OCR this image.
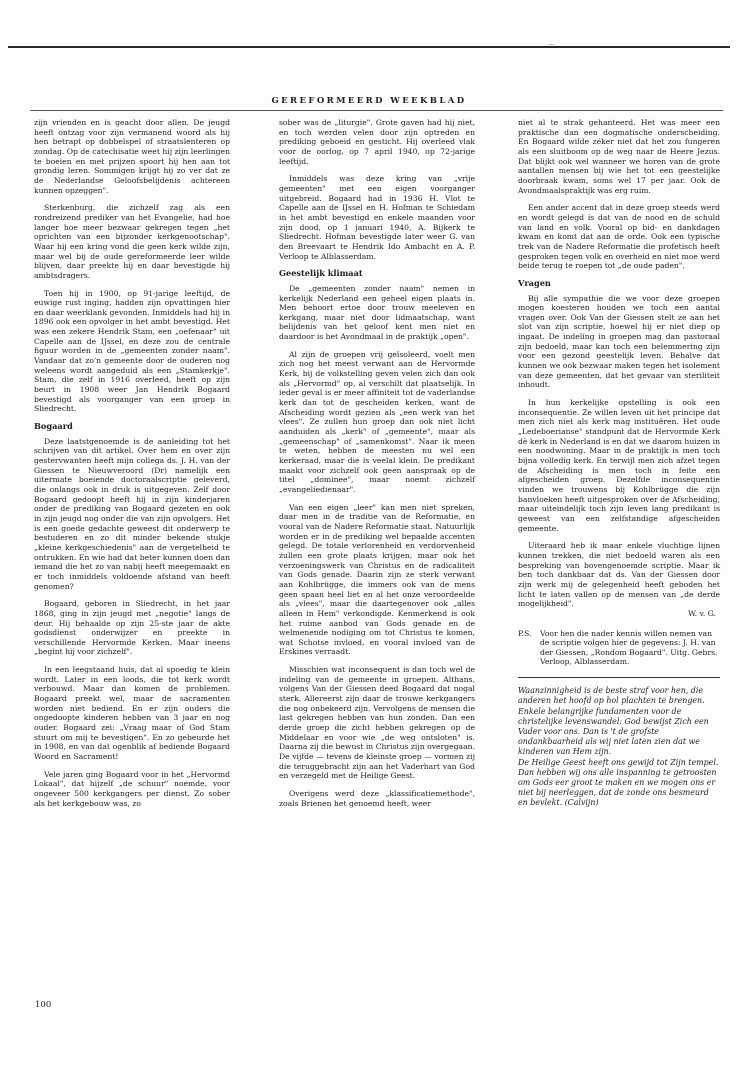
~
GEREFORMEERD WEEKBLAD

zijn vrienden en is geacht door allen. De jeugd heeft ontzag voor zijn vermanend woord als hij hen betrapt op dobbelspel of straatslenteren op zondag. Op de catechisatie weet hij zijn leerlingen te boeien en met prijzen spoort hij hen aan tot grondig leren. Sommigen krijgt hij zo ver dat ze de Nederlandse Geloofsbelijdenis achtereen kunnen opzeggen".

Sterkenburg, die zichzelf zag als een rondreizend prediker van het Evangelie, had hoe langer hoe meer bezwaar gekregen tegen „het oprichten van een bijzonder kerkgenootschap". Waar hij een kring vond die geen kerk wilde zijn, maar wel bij de oude gereformeerde leer wilde blijven, daar preekte hij en daar bevestigde hij ambtsdragers.

Toen hij in 1900, op 91-jarige leeftijd, de euwige rust inging, hadden zijn opvattingen hier en daar weerklank gevonden. Inmiddels had hij in 1896 ook een opvolger in het ambt bevestigd. Het was een zekere Hendrik Stam, een „oefenaar" uit Capelle aan de IJssel, en deze zou de centrale figuur worden in de „gemeenten zonder naam". Vandaar dat zo'n gemeente door de ouderen nog weleens wordt aangeduid als een „Stamkerkje". Stam, die zelf in 1916 overleed, heeft op zijn beurt in 1908 weer Jan Hendrik Bogaard bevestigd als voorganger van een groep in Sliedrecht.

Bogaard

Deze laatstgenoemde is de aanleiding tot het schrijven van dit artikel. Over hem en over zijn gestervwanten heeft mijn collega ds. J. H. van der Giessen te Nieuwveroord (Dr) namelijk een uitermate boeiende doctoraalscriptie geleverd, die onlangs ook in druk is uitgegeven. Zelf door Bogaard gedoopt heeft hij in zijn kinderjaren onder de prediking van Bogaard gezeten en ook in zijn jeugd nog onder die van zijn opvolgers. Het is een goede gedachte geweest dit onderwerp te bestuderen en zo dit minder bekende stukje „kleine kerkgeschiedenis" aan de vergetelheid te ontrukken. En wie had dat beter kunnen doen dan iemand die het zo van nabij heeft meegemaakt en er toch inmiddels voldoende afstand van heeft genomen?

Bogaard, geboren in Sliedrecht, in het jaar 1868, ging in zijn jeugd met „negotie" langs de deur. Hij behaalde op zijn 25-ste jaar de akte godsdienst onderwijzer en preekte in verschillende Hervormde Kerken. Maar ineens „begint hij voor zichzelf".

In een leegstaand huis, dat al spoedig te klein wordt. Later in een loods, die tot kerk wordt verbouwd. Maar dan komen de problemen. Bogaard preekt wel, maar de sacramenten worden niet bediend. En er zijn ouders die ongedoopte kinderen hebben van 3 jaar en nog ouder. Bogaard zei: „Vraag maar of God Stam stuurt om mij te bevestigen". En zo gebeurde het in 1908, en van dat ogenblik af bediende Bogaard Woord en Sacrament!

Vele jaren ging Bogaard voor in het „Hervormd Lokaal", dat hijzelf „de schuur" noemde, voor ongeveer 500 kerkgangers per dienst. Zo sober als het kerkgebouw was, zo

sober was de „liturgie". Grote gaven had hij niet, en toch werden velen door zijn optreden en prediking geboeid en gesticht. Hij overleed vlak voor de oorlog, op 7 april 1940, op 72-jarige leeftijd.

Inmiddels was deze kring van „vrije gemeenten" met een eigen voorganger uitgebreid. Bogaard had in 1936 H. Vlot te Capelle aan de IJssel en H. Hofman te Schiedam in het ambt bevestigd en enkele maanden voor zijn dood, op 1 januari 1940, A. Bijkerk te Sliedrecht. Hofman bevestigde later weer G. van den Breevaart te Hendrik Ido Ambacht en A. P. Verloop te Alblasserdam.

Geestelijk klimaat

De „gemeenten zonder naam" nemen in kerkelijk Nederland een geheel eigen plaats in. Men behoort ertoe door trouw meeleven en kerkgang, maar niet door lidmaatschap, want belijdenis van het geloof kent men niet en daardoor is het Avondmaal in de praktijk „open".

Al zijn de groepen vrij geïsoleerd, voelt men zich nog het meest verwant aan de Hervormde Kerk, bij de volkstelling geven velen zich dan ook als „Hervormd" op, al verschilt dat plaatselijk. In ieder geval is er meer affiniteit tot de vaderlandse kerk dan tot de gescheiden kerken, want de Afscheiding wordt gezien als „een werk van het vlees". Ze zullen hun groep dan ook niet licht aanduiden als „kerk" of „gemeente", maar als „gemeenschap" of „samenkomst". Naar ik meen te weten, hebben de meesten nu wel een kerkeraad, maar die is veelal klein. De predikant maakt voor zichzelf ook geen aanspraak op de titel „dominee", maar noemt zichzelf „evangeliedienaar".

Van een eigen „leer" kan men niet spreken, daar men in de traditie van de Reformatie, en vooral van de Nadere Reformatie staat. Natuurlijk worden er in de prediking wel bepaalde accenten gelegd. De totale verlorenheid en verdorvenheid zullen een grote plaats krijgen, maar ook het verzoeningswerk van Christus en de radicaliteit van Gods genade. Daarin zijn ze sterk verwant aan Kohlbrügge, die immers ook van de mens geen spaan heel liet en al het onze veroordeelde als „vlees", maar die daartegenover ook „alles alleen in Hem" verkondigde. Kenmerkend is ook het ruime aanbod van Gods genade en de welmenende nodiging om tot Christus te komen, wat Schotse invloed, en vooral invloed van de Erskines verraadt.

Misschien wat inconsequent is dan toch wel de indeling van de gemeente in groepen. Althans, volgens Van der Giessen deed Bogaard dat nogal sterk. Allereerst zijn daar de trouwe kerkgangers die nog onbekeerd zijn. Vervolgens de mensen die last gekregen hebben van hun zonden. Dan een derde groep die zicht hebben gekregen op de Middelaar en voor wie „de weg ontsloten" is. Daarna zij die bewust in Christus zijn overgegaan. De vijfde — tevens de kleinste groep — vormen zij die teruggebracht zijn aan het Vaderhart van God en verzegeld met de Heilige Geest.

Overigens werd deze „klassificatiemethode", zoals Brienen het genoemd heeft, weer

niet al te strak gehanteerd. Het was meer een praktische dan een dogmatische onderscheiding. En Bogaard wilde zéker niet dat het zou fungeren als een sluitboom op de weg naar de Heere Jezus. Dat blijkt ook wel wanneer we horen van de grote aantallen mensen bij wie het tot een geestelijke doorbraak kwam, soms wel 17 per jaar. Ook de Avondmaalspraktijk was erg ruim.

Een ander accent dat in deze groep steeds werd en wordt gelegd is dat van de nood en de schuld van land en volk. Vooral op bid- en dankdagen kwam en komt dat aan de orde. Ook een typische trek van de Nadere Reformatie die profetisch heeft gesproken tegen volk en overheid en niet moe werd beide terug te roepen tot „de oude paden".

Vragen

Bij alle sympathie die we voor deze groepen mogen koesteren houden we toch een aantal vragen over. Ook Van der Giessen stelt ze aan het slot van zijn scriptie, hoewel hij er niet diep op ingaat. De indeling in groepen mag dan pastoraal zijn bedoeld, maar kan toch een belemmering zijn voor een gezond geestelijk leven. Behalve dat kunnen we ook bezwaar maken tegen het isolement van deze gemeenten, dat het gevaar van steriliteit inhoudt.

In hun kerkelijke opstelling is ook een inconsequentie. Ze willen leven uit het principe dat men zich niet als kerk mag instituëren. Het oude „Ledeboerianse" standpunt dat de Hervormde Kerk dè kerk in Nederland is en dat we daarom huizen in een noodwoning. Maar in de praktijk is men toch bijna volledig kerk. En terwijl men zich afzet tegen de Afscheiding is men toch in feite een afgescheiden groep. Dezelfde inconsequentie vinden we trouwens bij Kohlbrügge die zijn banvloeken heeft uitgesproken over de Afscheiding, maar uiteindelijk toch zijn leven lang predikant is geweest van een zelfstandige afgescheiden gemeente.

Uiteraard heb ik maar enkele vluchtige lijnen kunnen trekken, die niet bedoeld waren als een bespreking van bovengenoemde scriptie. Maar ik ben toch dankbaar dat ds. Van der Giessen door zijn werk mij de gelegenheid heeft geboden het licht te laten vallen op de mensen van „de derde mogelijkheid".

W. v. G.
P.S. Voor hen die nader kennis willen nemen van de scriptie volgen hier de gegevens: J. H. van der Giessen, „Rondom Bogaard". Uitg. Gebrs. Verloop, Alblasserdam.
Waanzinnigheid is de beste straf voor hen, die anderen het hoofd op hol plachten te brengen.
Enkele belangrijke fundamenten voor de christelijke levenswandel: God bewijst Zich een Vader voor ons. Dan is 't de grofste ondankbaarheid als wij niet laten zien dat we kinderen van Hem zijn.
De Heilige Geest heeft ons gewijd tot Zijn tempel. Dan hebben wij ons alle inspanning te getroosten om Gods eer groot te maken en we mogen ons er niet bij neerleggen, dat de zonde ons besmeurd en bevlekt. (Calvijn)
100
